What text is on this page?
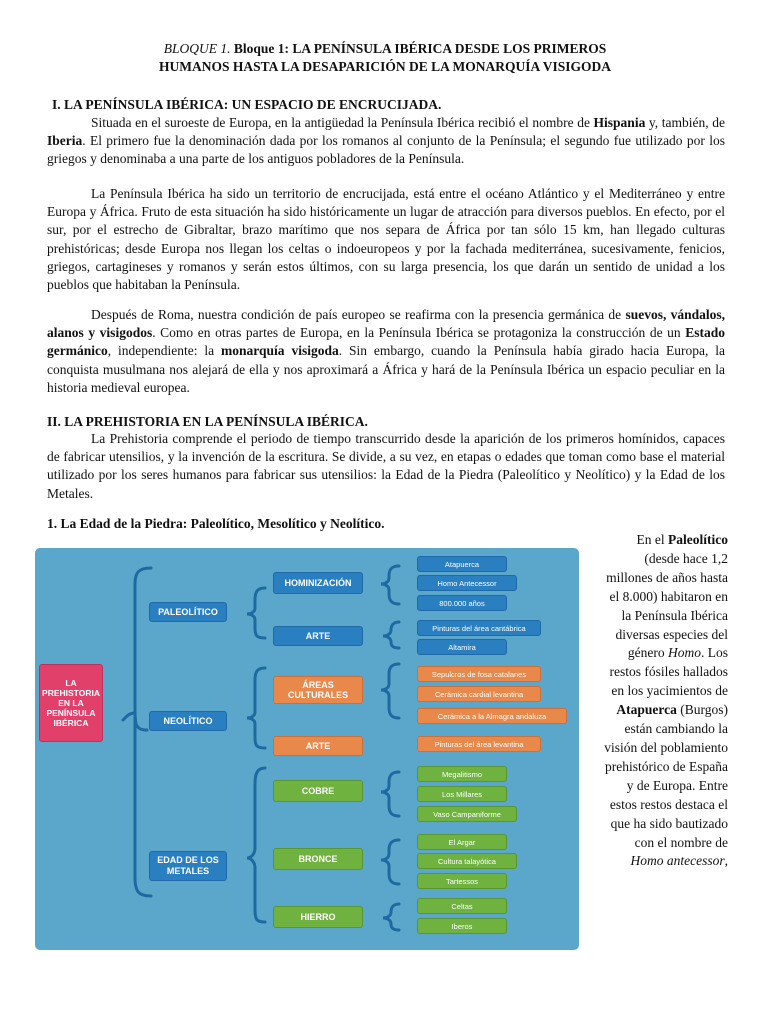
BLOQUE 1. Bloque 1: LA PENÍNSULA IBÉRICA DESDE LOS PRIMEROS
HUMANOS HASTA LA DESAPARICIÓN DE LA MONARQUÍA VISIGODA
I. LA PENÍNSULA IBÉRICA: UN ESPACIO DE ENCRUCIJADA.

Situada en el suroeste de Europa, en la antigüedad la Península Ibérica recibió el nombre de Hispania y, también, de Iberia. El primero fue la denominación dada por los romanos al conjunto de la Península; el segundo fue utilizado por los griegos y denominaba a una parte de los antiguos pobladores de la Península.

La Península Ibérica ha sido un territorio de encrucijada, está entre el océano Atlántico y el Mediterráneo y entre Europa y África. Fruto de esta situación ha sido históricamente un lugar de atracción para diversos pueblos. En efecto, por el sur, por el estrecho de Gibraltar, brazo marítimo que nos separa de África por tan sólo 15 km, han llegado culturas prehistóricas; desde Europa nos llegan los celtas o indoeuropeos y por la fachada mediterránea, sucesivamente, fenicios, griegos, cartagineses y romanos y serán estos últimos, con su larga presencia, los que darán un sentido de unidad a los pueblos que habitaban la Península.

Después de Roma, nuestra condición de país europeo se reafirma con la presencia germánica de suevos, vándalos, alanos y visigodos. Como en otras partes de Europa, en la Península Ibérica se protagoniza la construcción de un Estado germánico, independiente: la monarquía visigoda. Sin embargo, cuando la Península había girado hacia Europa, la conquista musulmana nos alejará de ella y nos aproximará a África y hará de la Península Ibérica un espacio peculiar en la historia medieval europea.

II. LA PREHISTORIA EN LA PENÍNSULA IBÉRICA.

La Prehistoria comprende el periodo de tiempo transcurrido desde la aparición de los primeros homínidos, capaces de fabricar utensilios, y la invención de la escritura. Se divide, a su vez, en etapas o edades que toman como base el material utilizado por los seres humanos para fabricar sus utensilios: la Edad de la Piedra (Paleolítico y Neolítico) y la Edad de los Metales.

1. La Edad de la Piedra: Paleolítico, Mesolítico y Neolítico.
LA PREHISTORIA EN LA PENÍNSULA IBÉRICA
PALEOLÍTICO
NEOLÍTICO
EDAD DE LOS METALES
HOMINIZACIÓN
ARTE
ÁREAS CULTURALES
ARTE
COBRE
BRONCE
HIERRO
Atapuerca
Homo Antecessor
800.000 años
Pinturas del área cantábrica
Altamira
Sepulcros de fosa catalanes
Cerámica cardial levantina
Cerámica a la Almagra andaluza
Pinturas del área levantina
Megalitismo
Los Millares
Vaso Campaniforme
El Argar
Cultura talayótica
Tartessos
Celtas
Iberos
En el Paleolítico (desde hace 1,2 millones de años hasta el 8.000) habitaron en la Península Ibérica diversas especies del género Homo. Los restos fósiles hallados en los yacimientos de Atapuerca (Burgos) están cambiando la visión del poblamiento prehistórico de España y de Europa. Entre estos restos destaca el que ha sido bautizado con el nombre de Homo antecessor,
